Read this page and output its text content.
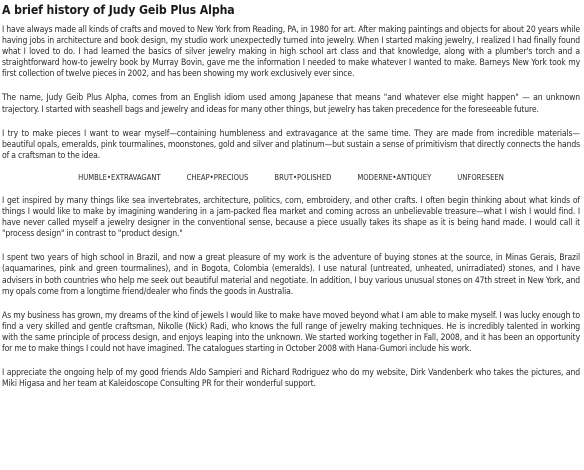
A brief history of Judy Geib Plus Alpha

I have always made all kinds of crafts and moved to New York from Reading, PA, in 1980 for art. After making paintings and objects for about 20 years while having jobs in architecture and book design, my studio work unexpectedly turned into jewelry. When I started making jewelry, I realized I had finally found what I loved to do. I had learned the basics of silver jewelry making in high school art class and that knowledge, along with a plumber's torch and a straightforward how-to jewelry book by Murray Bovin, gave me the information I needed to make whatever I wanted to make. Barneys New York took my first collection of twelve pieces in 2002, and has been showing my work exclusively ever since.

The name, Judy Geib Plus Alpha, comes from an English idiom used among Japanese that means "and whatever else might happen" — an unknown trajectory. I started with seashell bags and jewelry and ideas for many other things, but jewelry has taken precedence for the foreseeable future.

I try to make pieces I want to wear myself—containing humbleness and extravagance at the same time. They are made from incredible materials—beautiful opals, emeralds, pink tourmalines, moonstones, gold and silver and platinum—but sustain a sense of primitivism that directly connects the hands of a craftsman to the idea.

HUMBLE•EXTRAVAGANT	CHEAP•PRECIOUS	BRUT•POLISHED	MODERNE•ANTIQUEY	UNFORESEEN

I get inspired by many things like sea invertebrates, architecture, politics, corn, embroidery, and other crafts. I often begin thinking about what kinds of things I would like to make by imagining wandering in a jam-packed flea market and coming across an unbelievable treasure—what I wish I would find. I have never called myself a jewelry designer in the conventional sense, because a piece usually takes its shape as it is being hand made. I would call it "process design" in contrast to "product design."

I spent two years of high school in Brazil, and now a great pleasure of my work is the adventure of buying stones at the source, in Minas Gerais, Brazil (aquamarines, pink and green tourmalines), and in Bogota, Colombia (emeralds). I use natural (untreated, unheated, unirradiated) stones, and I have advisers in both countries who help me seek out beautiful material and negotiate. In addition, I buy various unusual stones on 47th street in New York, and my opals come from a longtime friend/dealer who finds the goods in Australia.

As my business has grown, my dreams of the kind of jewels I would like to make have moved beyond what I am able to make myself. I was lucky enough to find a very skilled and gentle craftsman, Nikolle (Nick) Radi, who knows the full range of jewelry making techniques. He is incredibly talented in working with the same principle of process design, and enjoys leaping into the unknown. We started working together in Fall, 2008, and it has been an opportunity for me to make things I could not have imagined. The catalogues starting in October 2008 with Hana-Gumori include his work.

I appreciate the ongoing help of my good friends Aldo Sampieri and Richard Rodriguez who do my website, Dirk Vandenberk who takes the pictures, and Miki Higasa and her team at Kaleidoscope Consulting PR for their wonderful support.
